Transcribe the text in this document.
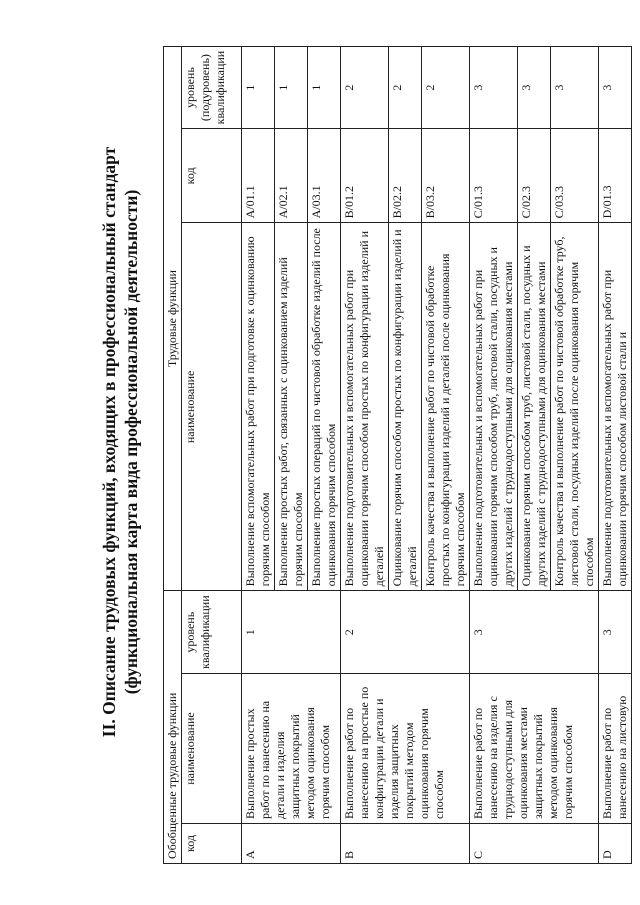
II. Описание трудовых функций, входящих в профессиональный стандарт (функциональная карта вида профессиональной деятельности)
Обобщенные трудовые функции			Трудовые функции		
код	наименование	уровень квалификации	наименование	код	уровень (подуровень) квалификации
A	Выполнение простых работ по нанесению на детали и изделия защитных покрытий методом оцинкования горячим способом	1	Выполнение вспомогательных работ при подготовке к оцинкованию горячим способом	A/01.1	1
			Выполнение простых работ, связанных с оцинкованием изделий горячим способом	A/02.1	1
			Выполнение простых операций по чистовой обработке изделий после оцинкования горячим способом	A/03.1	1
B	Выполнение работ по нанесению на простые по конфигурации детали и изделия защитных покрытий методом оцинкования горячим способом	2	Выполнение подготовительных и вспомогательных работ при оцинковании горячим способом простых по конфигурации изделий и деталей	B/01.2	2
			Оцинкование горячим способом простых по конфигурации изделий и деталей	B/02.2	2
			Контроль качества и выполнение работ по чистовой обработке простых по конфигурации изделий и деталей после оцинкования горячим способом	B/03.2	2
C	Выполнение работ по нанесению на изделия с труднодоступными для оцинкования местами защитных покрытий методом оцинкования горячим способом	3	Выполнение подготовительных и вспомогательных работ при оцинковании горячим способом труб, листовой стали, посудных и других изделий с труднодоступными для оцинкования местами	C/01.3	3
			Оцинкование горячим способом труб, листовой стали, посудных и других изделий с труднодоступными для оцинкования местами	C/02.3	3
			Контроль качества и выполнение работ по чистовой обработке труб, листовой стали, посудных изделий после оцинкования горячим способом	C/03.3	3
D	Выполнение работ по нанесению на листовую	3	Выполнение подготовительных и вспомогательных работ при оцинковании горячим способом листовой стали и	D/01.3	3
